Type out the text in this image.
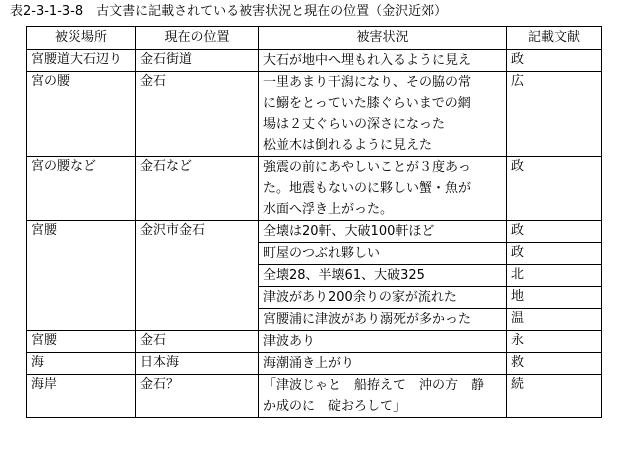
表2-3-1-3-8　古文書に記載されている被害状況と現在の位置（金沢近郊）
被災場所	現在の位置	被害状況	記載文献
宮腰道大石辺り	金石街道	大石が地中へ埋もれ入るように見え	政
宮の腰	金石	一里あまり干潟になり、その脇の常
に鰯をとっていた膝ぐらいまでの網
場は２丈ぐらいの深さになった
松並木は倒れるように見えた	広
宮の腰など	金石など	強震の前にあやしいことが３度あっ
た。地震もないのに夥しい蟹・魚が
水面へ浮き上がった。	政
宮腰	金沢市金石	全壊は20軒、大破100軒ほど	政

		町屋のつぶれ夥しい	政

		全壊28、半壊61、大破325	北

		津波があり200余りの家が流れた	地

		宮腰浦に津波があり溺死が多かった	温
宮腰	金石	津波あり	永
海	日本海	海潮涌き上がり	救
海岸	金石？	「津波じゃと　船拵えて　沖の方　静
か成のに　碇おろして」	続
